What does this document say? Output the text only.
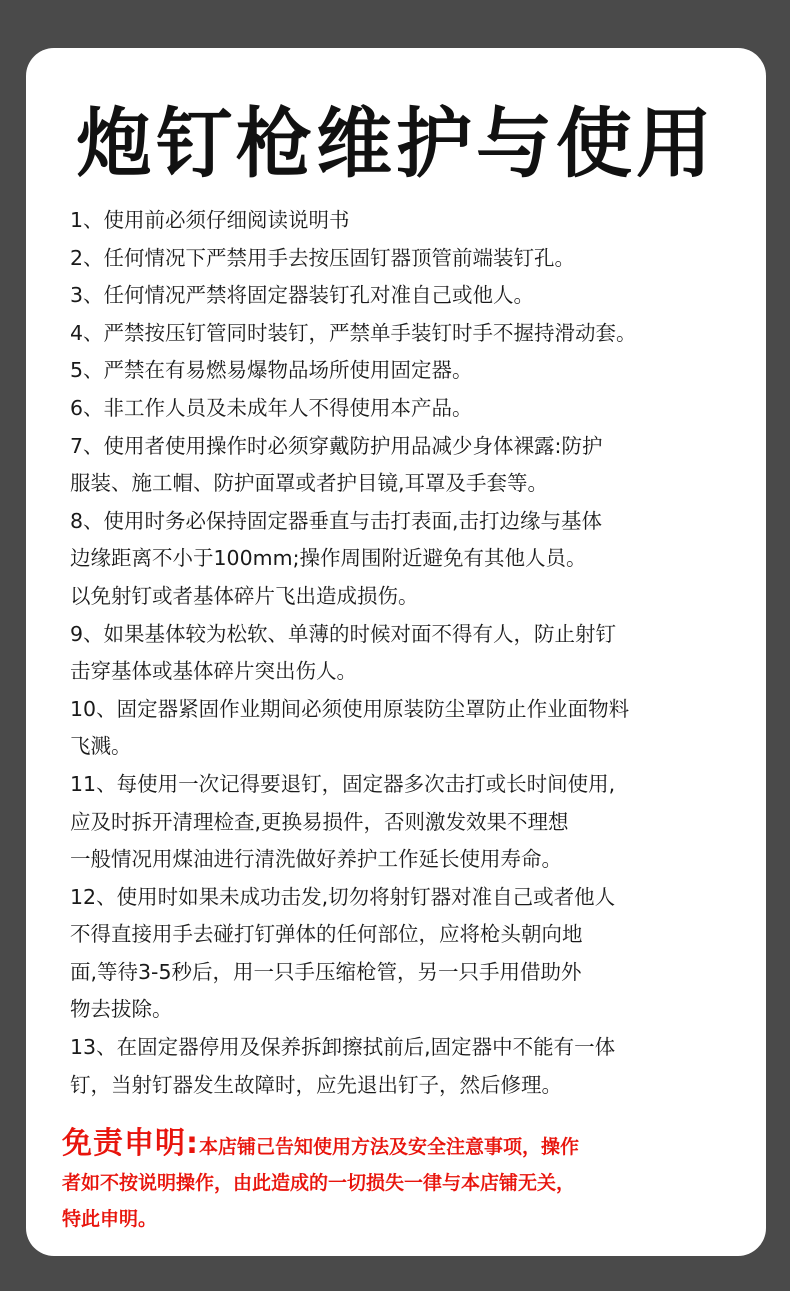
炮钉枪维护与使用
1、使用前必须仔细阅读说明书
2、任何情况下严禁用手去按压固钉器顶管前端装钉孔。
3、任何情况严禁将固定器装钉孔对准自己或他人。
4、严禁按压钉管同时装钉，严禁单手装钉时手不握持滑动套。
5、严禁在有易燃易爆物品场所使用固定器。
6、非工作人员及未成年人不得使用本产品。
7、使用者使用操作时必须穿戴防护用品减少身体裸露:防护
服装、施工帽、防护面罩或者护目镜,耳罩及手套等。
8、使用时务必保持固定器垂直与击打表面,击打边缘与基体
边缘距离不小于100mm;操作周围附近避免有其他人员。
以免射钉或者基体碎片飞出造成损伤。
9、如果基体较为松软、单薄的时候对面不得有人，防止射钉
击穿基体或基体碎片突出伤人。
10、固定器紧固作业期间必须使用原装防尘罩防止作业面物料
飞溅。
11、每使用一次记得要退钉，固定器多次击打或长时间使用,
应及时拆开清理检查,更换易损件，否则激发效果不理想
一般情况用煤油进行清洗做好养护工作延长使用寿命。
12、使用时如果未成功击发,切勿将射钉器对准自己或者他人
不得直接用手去碰打钉弹体的任何部位，应将枪头朝向地
面,等待3-5秒后，用一只手压缩枪管，另一只手用借助外
物去拔除。
13、在固定器停用及保养拆卸擦拭前后,固定器中不能有一体
钉，当射钉器发生故障时，应先退出钉子，然后修理。

免责申明:本店铺己告知使用方法及安全注意事项，操作

者如不按说明操作，由此造成的一切损失一律与本店铺无关，

特此申明。
